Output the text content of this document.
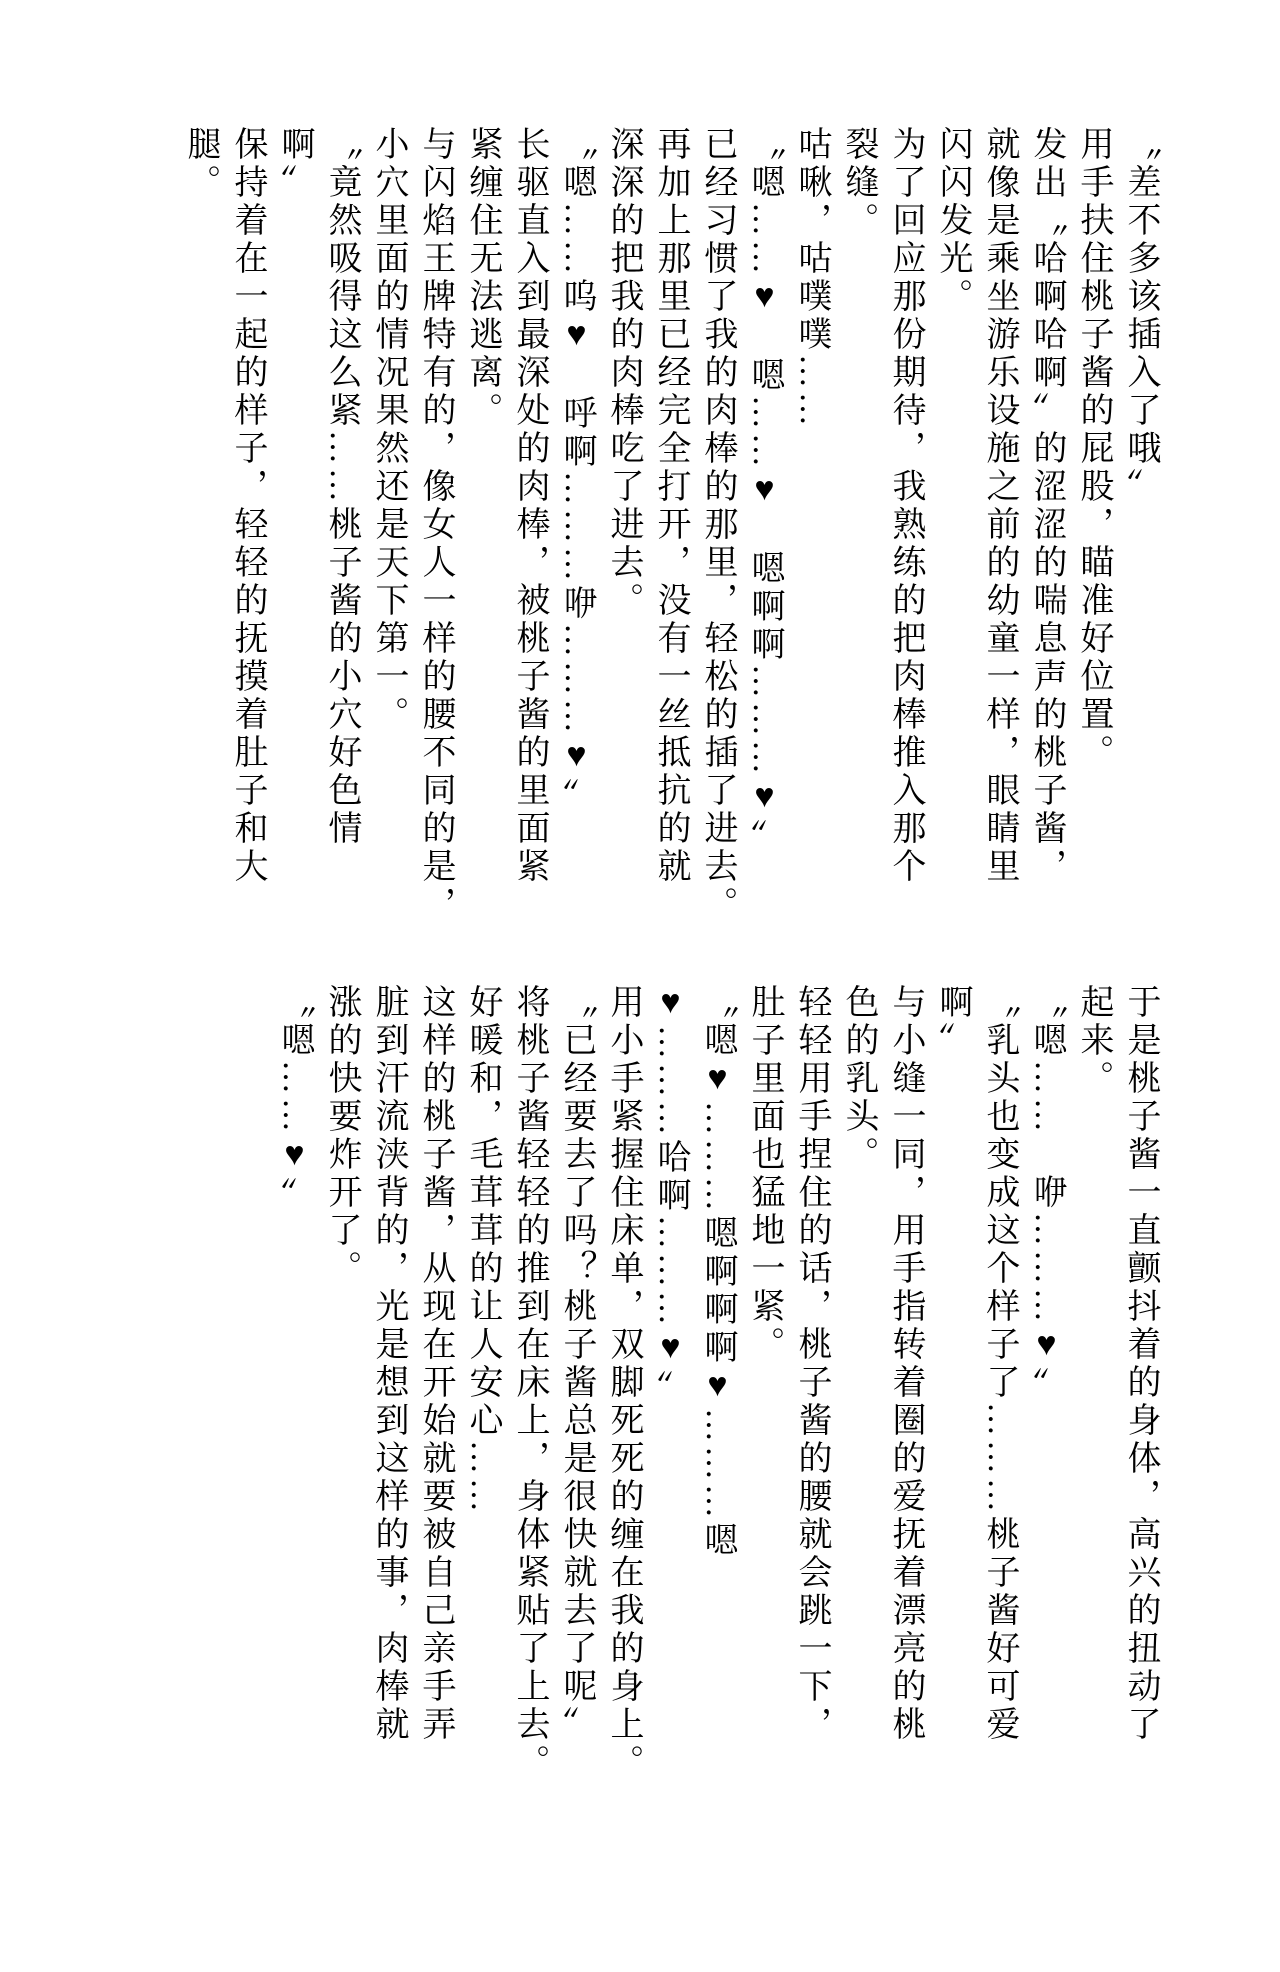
〝差不多该插入了哦〟
用手扶住桃子酱的屁股，瞄准好位置。
发出〝哈啊哈啊〟的涩涩的喘息声的桃子酱，
就像是乘坐游乐设施之前的幼童一样，眼睛里
闪闪发光。
为了回应那份期待，我熟练的把肉棒推入那个
裂缝。
咕啾，咕噗噗……
〝嗯……♥　嗯……♥　嗯啊啊………♥〟
已经习惯了我的肉棒的那里，轻松的插了进去。
再加上那里已经完全打开，没有一丝抵抗的就
深深的把我的肉棒吃了进去。
〝嗯……呜♥　呼啊………咿………♥〟
长驱直入到最深处的肉棒，被桃子酱的里面紧
紧缠住无法逃离。
与闪焰王牌特有的，像女人一样的腰不同的是，
小穴里面的情况果然还是天下第一。
〝竟然吸得这么紧……桃子酱的小穴好色情
啊〟
保持着在一起的样子，轻轻的抚摸着肚子和大
腿。
于是桃子酱一直颤抖着的身体，高兴的扭动了
起来。
〝嗯……　咿………♥〟
〝乳头也变成这个样子了………桃子酱好可爱
啊〟
与小缝一同，用手指转着圈的爱抚着漂亮的桃
色的乳头。
轻轻用手捏住的话，桃子酱的腰就会跳一下，
肚子里面也猛地一紧。
〝嗯♥………嗯啊啊啊♥………嗯
♥………哈啊………♥〟
用小手紧握住床单，双脚死死的缠在我的身上。
〝已经要去了吗？桃子酱总是很快就去了呢〟
将桃子酱轻轻的推到在床上，身体紧贴了上去。
好暖和，毛茸茸的让人安心……
这样的桃子酱，从现在开始就要被自己亲手弄
脏到汗流浃背的，光是想到这样的事，肉棒就
涨的快要炸开了。
〝嗯……♥〟
